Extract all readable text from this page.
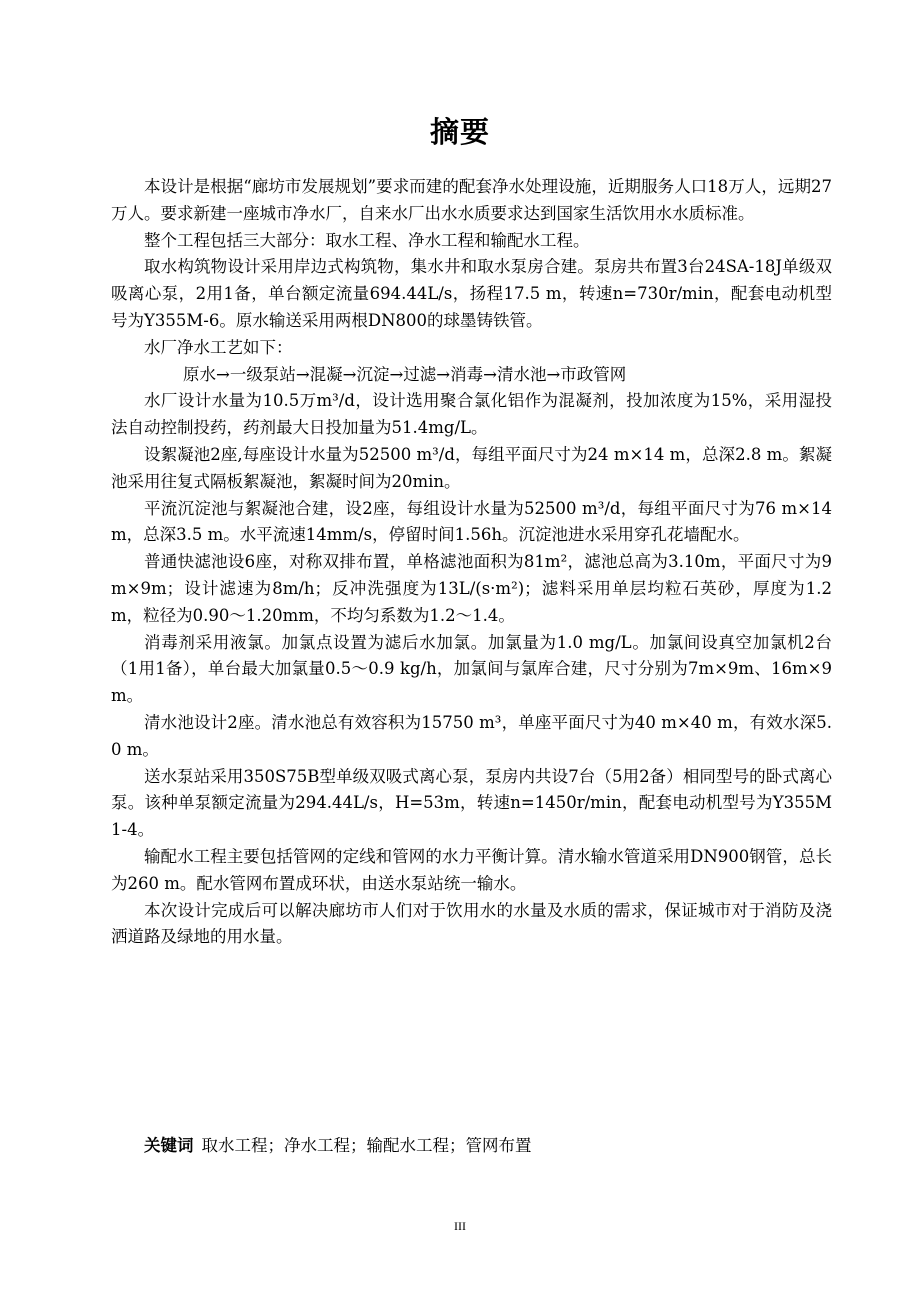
摘要

本设计是根据“廊坊市发展规划”要求而建的配套净水处理设施，近期服务人口18万人，远期27万人。要求新建一座城市净水厂，自来水厂出水水质要求达到国家生活饮用水水质标准。

整个工程包括三大部分：取水工程、净水工程和输配水工程。

取水构筑物设计采用岸边式构筑物，集水井和取水泵房合建。泵房共布置3台24SA-18J单级双吸离心泵，2用1备，单台额定流量694.44L/s，扬程17.5 m，转速n=730r/min，配套电动机型号为Y355M-6。原水输送采用两根DN800的球墨铸铁管。

水厂净水工艺如下：

原水→一级泵站→混凝→沉淀→过滤→消毒→清水池→市政管网

水厂设计水量为10.5万m³/d，设计选用聚合氯化铝作为混凝剂，投加浓度为15%，采用湿投法自动控制投药，药剂最大日投加量为51.4mg/L。

设絮凝池2座,每座设计水量为52500 m³/d，每组平面尺寸为24 m×14 m，总深2.8 m。絮凝池采用往复式隔板絮凝池，絮凝时间为20min。

平流沉淀池与絮凝池合建，设2座，每组设计水量为52500 m³/d，每组平面尺寸为76 m×14 m，总深3.5 m。水平流速14mm/s，停留时间1.56h。沉淀池进水采用穿孔花墙配水。

普通快滤池设6座，对称双排布置，单格滤池面积为81m²，滤池总高为3.10m，平面尺寸为9m×9m；设计滤速为8m/h；反冲洗强度为13L/(s·m²)；滤料采用单层均粒石英砂，厚度为1.2 m，粒径为0.90～1.20mm，不均匀系数为1.2～1.4。

消毒剂采用液氯。加氯点设置为滤后水加氯。加氯量为1.0 mg/L。加氯间设真空加氯机2台（1用1备），单台最大加氯量0.5～0.9 kg/h，加氯间与氯库合建，尺寸分别为7m×9m、16m×9m。

清水池设计2座。清水池总有效容积为15750 m³，单座平面尺寸为40 m×40 m，有效水深5.0 m。

送水泵站采用350S75B型单级双吸式离心泵，泵房内共设7台（5用2备）相同型号的卧式离心泵。该种单泵额定流量为294.44L/s，H=53m，转速n=1450r/min，配套电动机型号为Y355M1-4。

输配水工程主要包括管网的定线和管网的水力平衡计算。清水输水管道采用DN900钢管，总长为260 m。配水管网布置成环状，由送水泵站统一输水。

本次设计完成后可以解决廊坊市人们对于饮用水的水量及水质的需求，保证城市对于消防及浇洒道路及绿地的用水量。

关键词 取水工程；净水工程；输配水工程；管网布置
III
